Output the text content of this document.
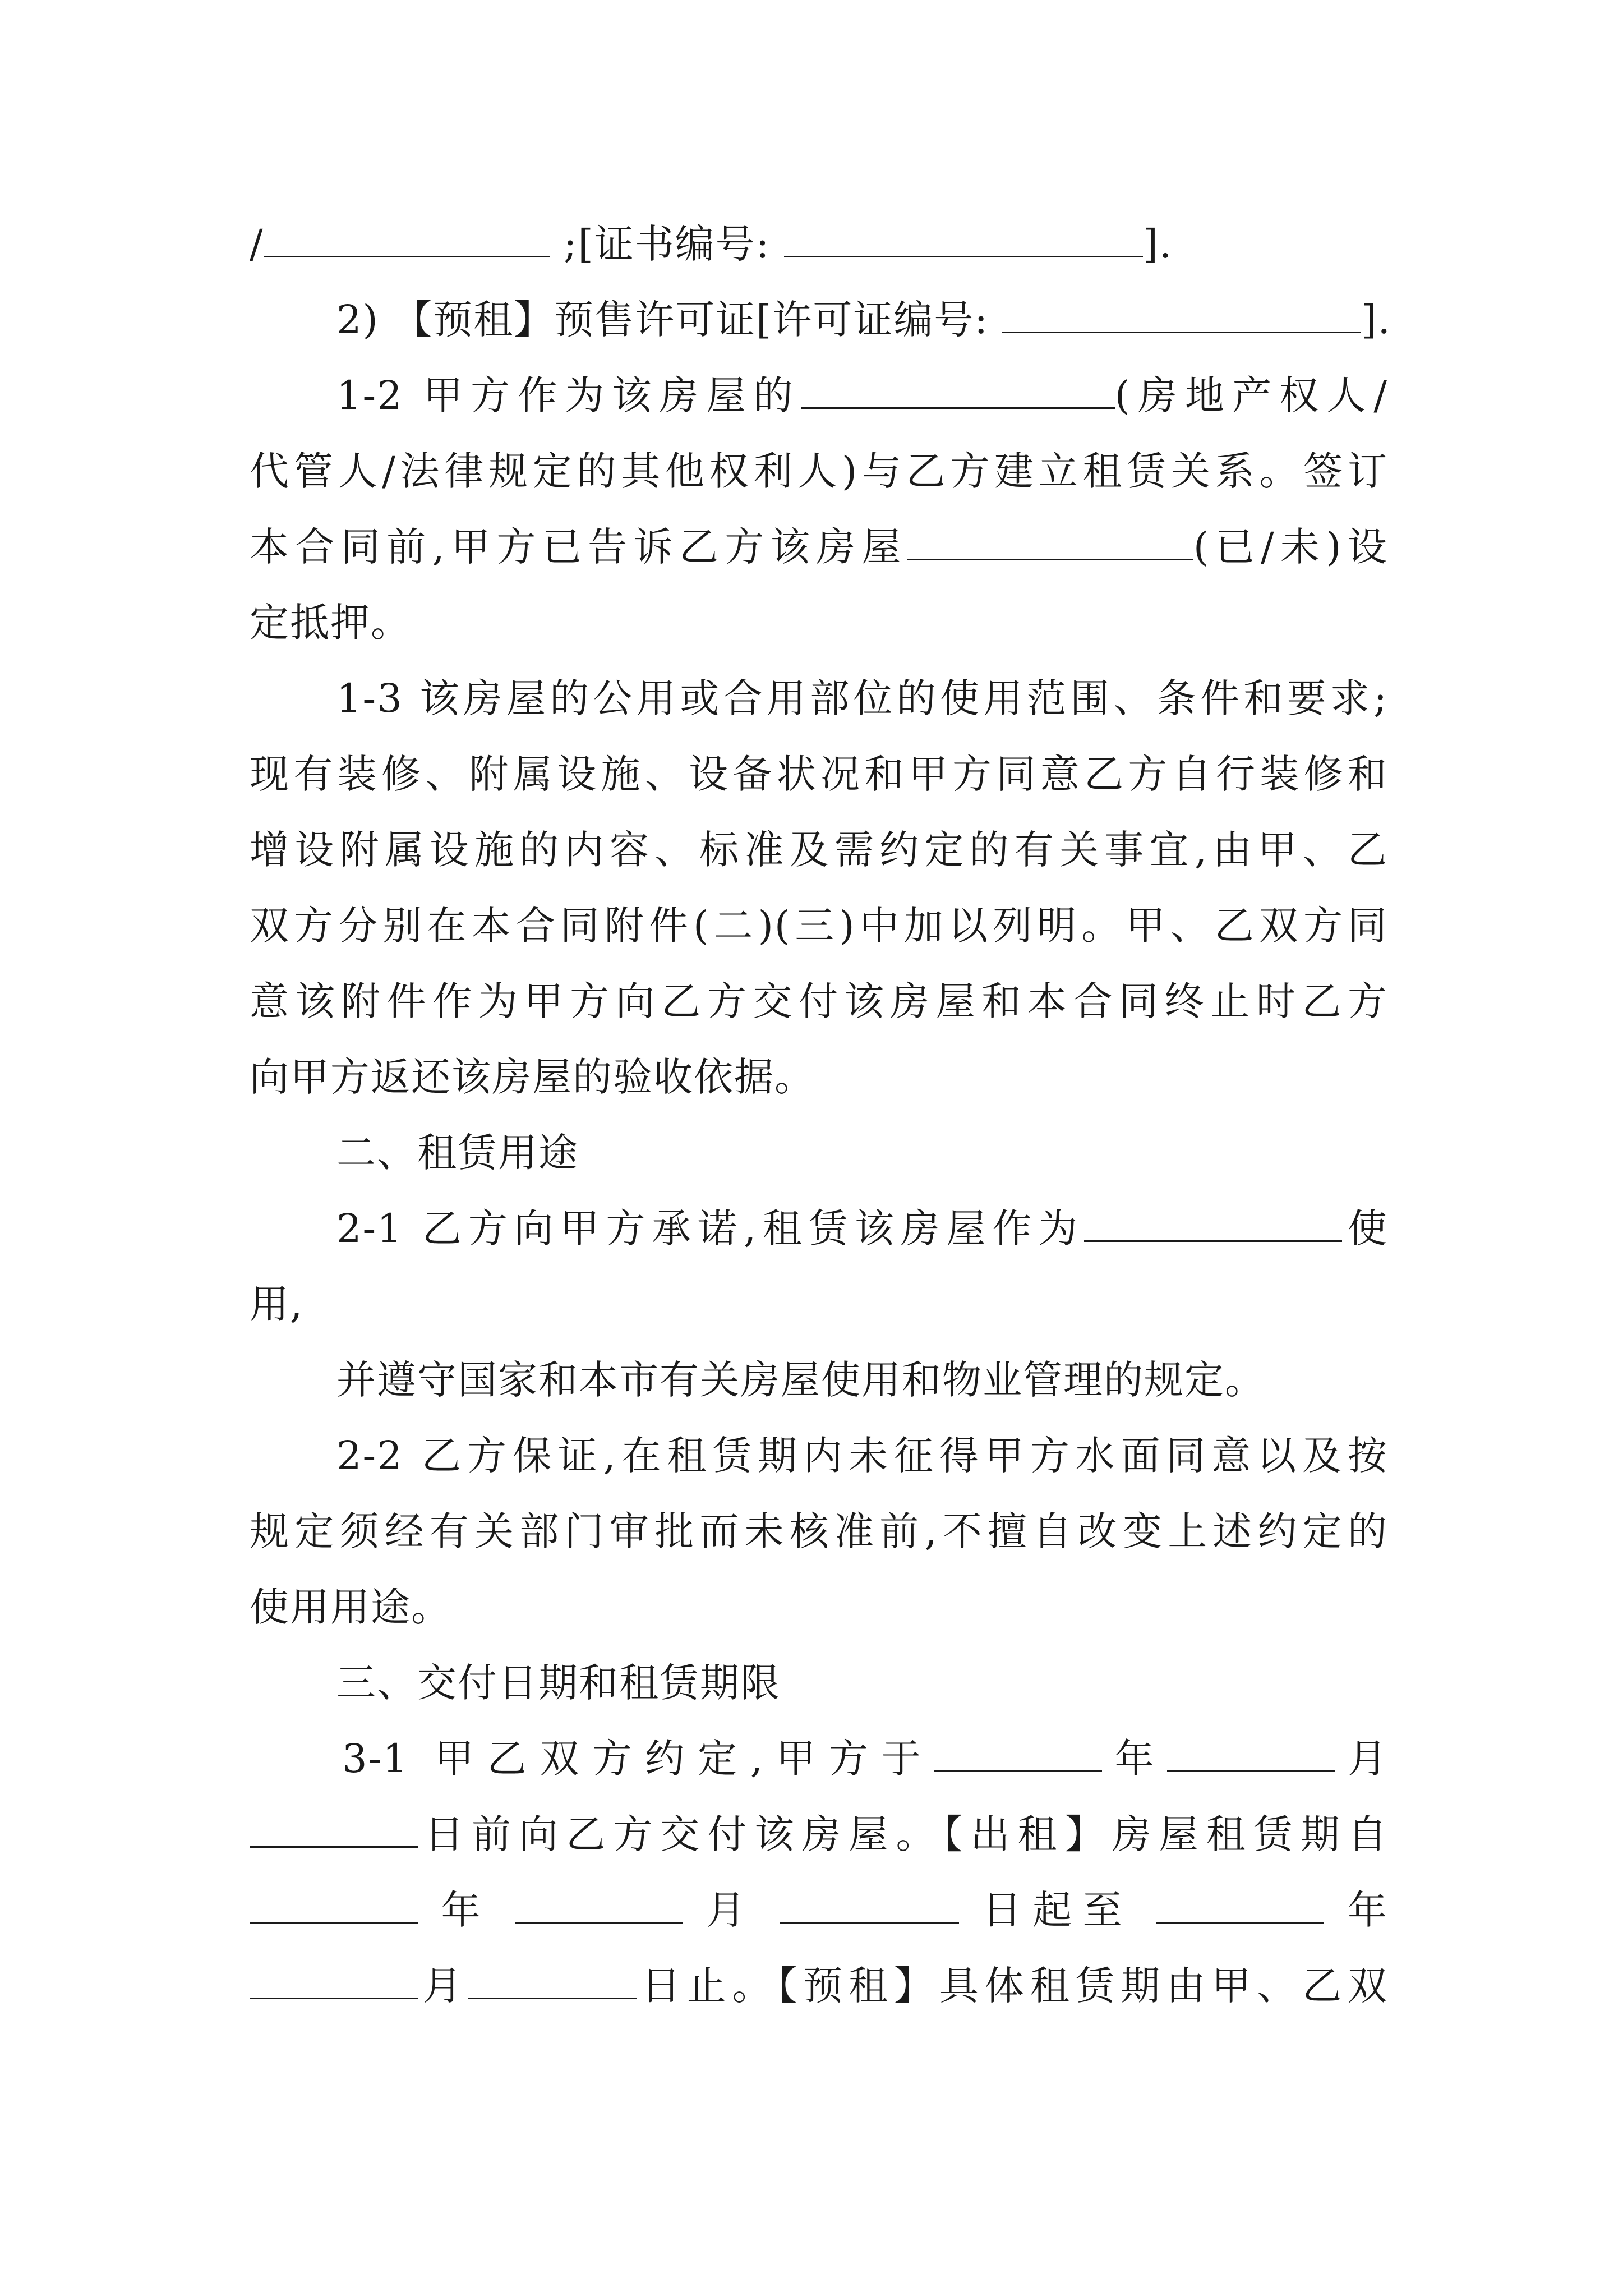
/	;[证书编号:	].
2) 【预租】预售许可证[许可证编号:	].
1-2 甲方作为该房屋的	(房地产权人/
代管人/法律规定的其他权利人)与乙方建立租赁关系。签订
本合同前,甲方已告诉乙方该房屋	(已/未)设
定抵押。
1-3 该房屋的公用或合用部位的使用范围、条件和要求;
现有装修、附属设施、设备状况和甲方同意乙方自行装修和
增设附属设施的内容、标准及需约定的有关事宜,由甲、乙
双方分别在本合同附件(二)(三)中加以列明。甲、乙双方同
意该附件作为甲方向乙方交付该房屋和本合同终止时乙方
向甲方返还该房屋的验收依据。
二、租赁用途
2-1 乙方向甲方承诺,租赁该房屋作为	使
用,
并遵守国家和本市有关房屋使用和物业管理的规定。
2-2 乙方保证,在租赁期内未征得甲方水面同意以及按
规定须经有关部门审批而未核准前,不擅自改变上述约定的
使用用途。
三、交付日期和租赁期限
3-1 甲乙双方约定,甲方于	年	月
日前向乙方交付该房屋。【出租】房屋租赁期自
年	月	日起至	年
月	日止。【预租】具体租赁期由甲、乙双
